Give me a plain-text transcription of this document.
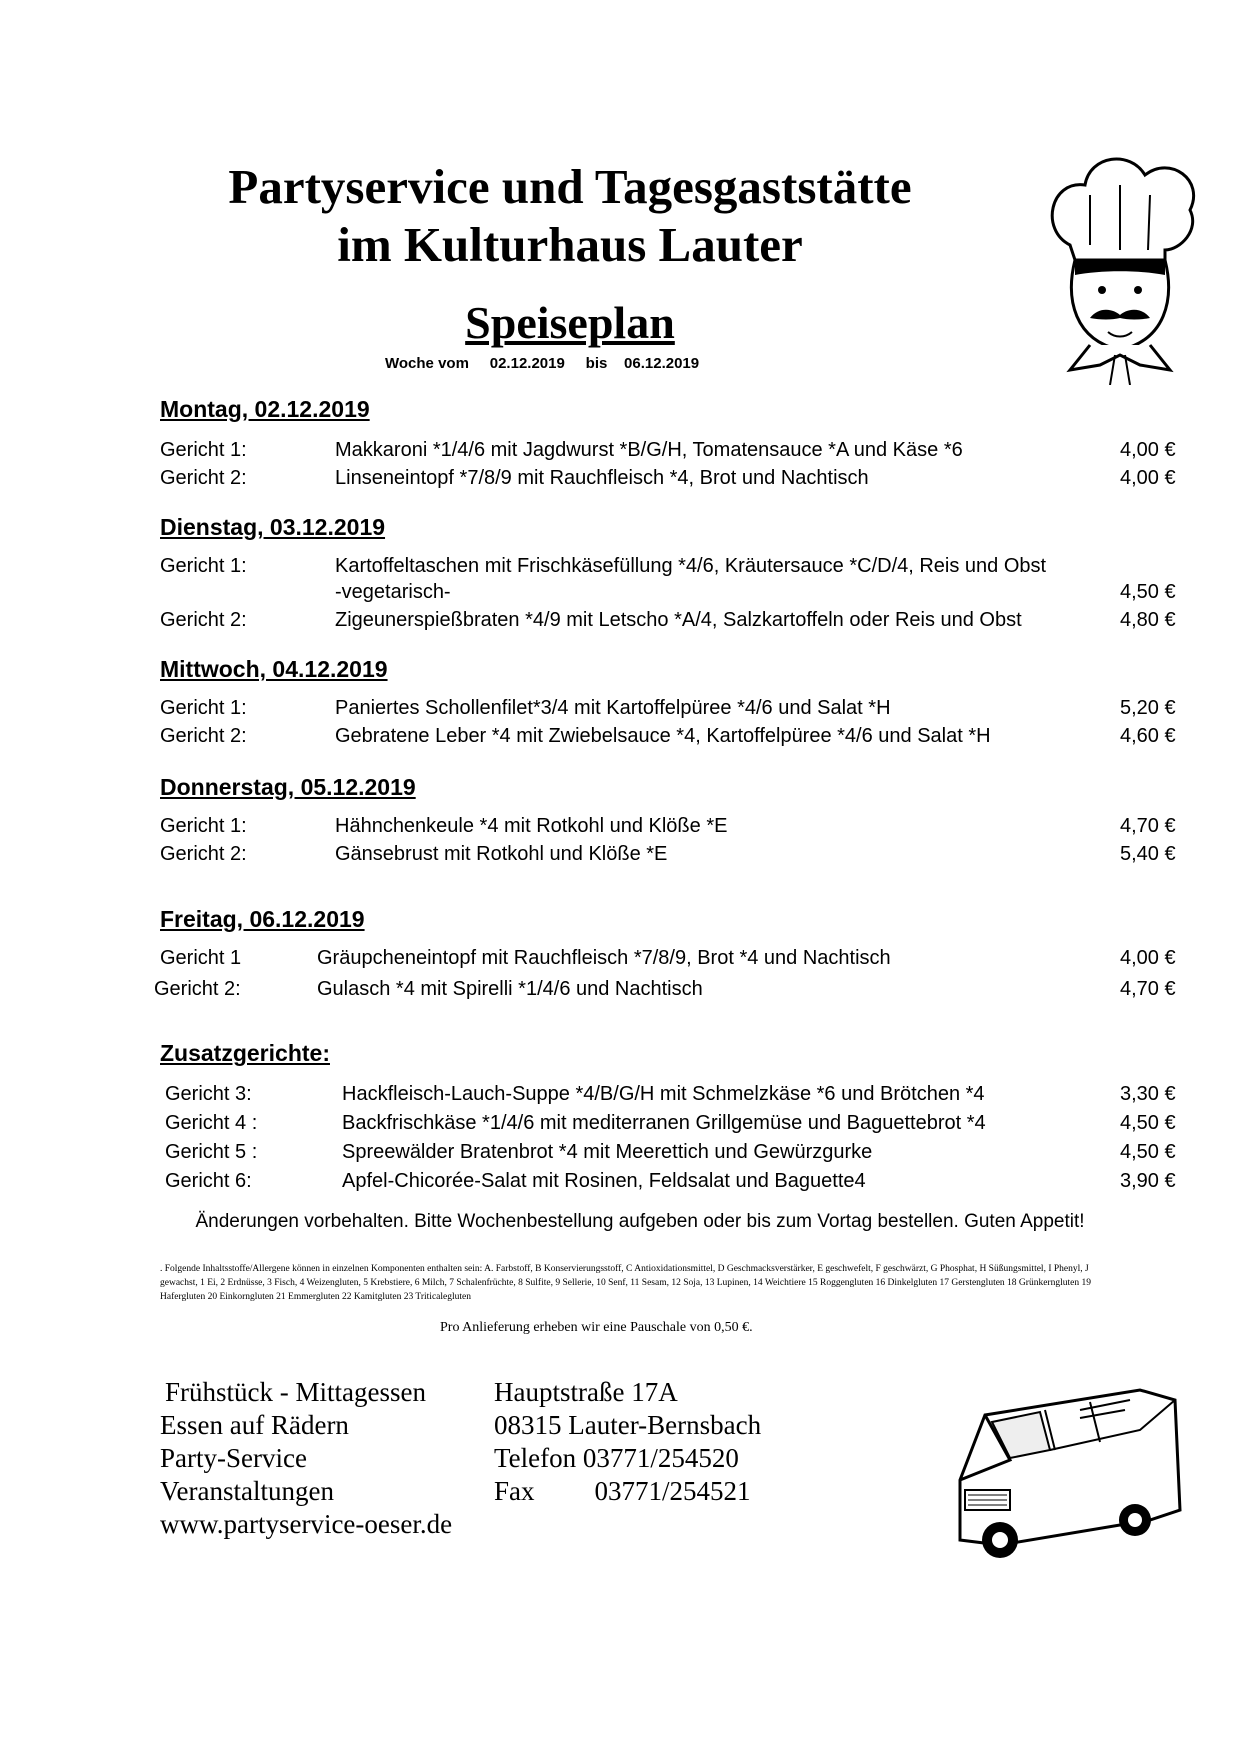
Partyservice und Tagesgaststätte
im Kulturhaus Lauter
Speiseplan
Woche vom 02.12.2019 bis 06.12.2019
Montag, 02.12.2019
Gericht 1:	Makkaroni *1/4/6 mit Jagdwurst *B/G/H, Tomatensauce *A und Käse *6	4,00 €
Gericht 2:	Linseneintopf *7/8/9 mit Rauchfleisch *4, Brot und Nachtisch	4,00 €
Dienstag, 03.12.2019
Gericht 1:	Kartoffeltaschen mit Frischkäsefüllung *4/6, Kräutersauce *C/D/4, Reis und Obst
-vegetarisch-	4,50 €
Gericht 2:	Zigeunerspießbraten *4/9 mit Letscho *A/4, Salzkartoffeln oder Reis und Obst	4,80 €
Mittwoch, 04.12.2019
Gericht 1:	Paniertes Schollenfilet*3/4 mit Kartoffelpüree *4/6 und Salat *H	5,20 €
Gericht 2:	Gebratene Leber *4 mit Zwiebelsauce *4, Kartoffelpüree *4/6 und Salat *H	4,60 €
Donnerstag, 05.12.2019
Gericht 1:	Hähnchenkeule *4 mit Rotkohl und Klöße *E	4,70 €
Gericht 2:	Gänsebrust mit Rotkohl und Klöße *E	5,40 €
Freitag, 06.12.2019
Gericht 1	Gräupcheneintopf mit Rauchfleisch *7/8/9, Brot *4 und Nachtisch	4,00 €
Gericht 2:	Gulasch *4 mit Spirelli *1/4/6 und Nachtisch	4,70 €
Zusatzgerichte:
Gericht 3:	Hackfleisch-Lauch-Suppe *4/B/G/H mit Schmelzkäse *6 und Brötchen *4	3,30 €
Gericht 4 :	Backfrischkäse *1/4/6 mit mediterranen Grillgemüse und Baguettebrot *4	4,50 €
Gericht 5 :	Spreewälder Bratenbrot *4 mit Meerettich und Gewürzgurke	4,50 €
Gericht 6:	Apfel-Chicorée-Salat mit Rosinen, Feldsalat und Baguette4	3,90 €
Änderungen vorbehalten. Bitte Wochenbestellung aufgeben oder bis zum Vortag bestellen. Guten Appetit!
. Folgende Inhaltsstoffe/Allergene können in einzelnen Komponenten enthalten sein: A. Farbstoff, B Konservierungsstoff, C Antioxidationsmittel, D Geschmacksverstärker, E geschwefelt, F geschwärzt, G Phosphat, H Süßungsmittel, I Phenyl, J gewachst, 1 Ei, 2 Erdnüsse, 3 Fisch, 4 Weizengluten, 5 Krebstiere, 6 Milch, 7 Schalenfrüchte, 8 Sulfite, 9 Sellerie, 10 Senf, 11 Sesam, 12 Soja, 13 Lupinen, 14 Weichtiere 15 Roggengluten 16 Dinkelgluten 17 Gerstengluten 18 Grünkerngluten 19 Hafergluten 20 Einkorngluten 21 Emmergluten 22 Kamitgluten 23 Triticalegluten
Pro Anlieferung erheben wir eine Pauschale von 0,50 €.
Frühstück - Mittagessen
Essen auf Rädern
Party-Service
Veranstaltungen
www.partyservice-oeser.de
Hauptstraße 17A
08315 Lauter-Bernsbach
Telefon 03771/254520
Fax 03771/254521
